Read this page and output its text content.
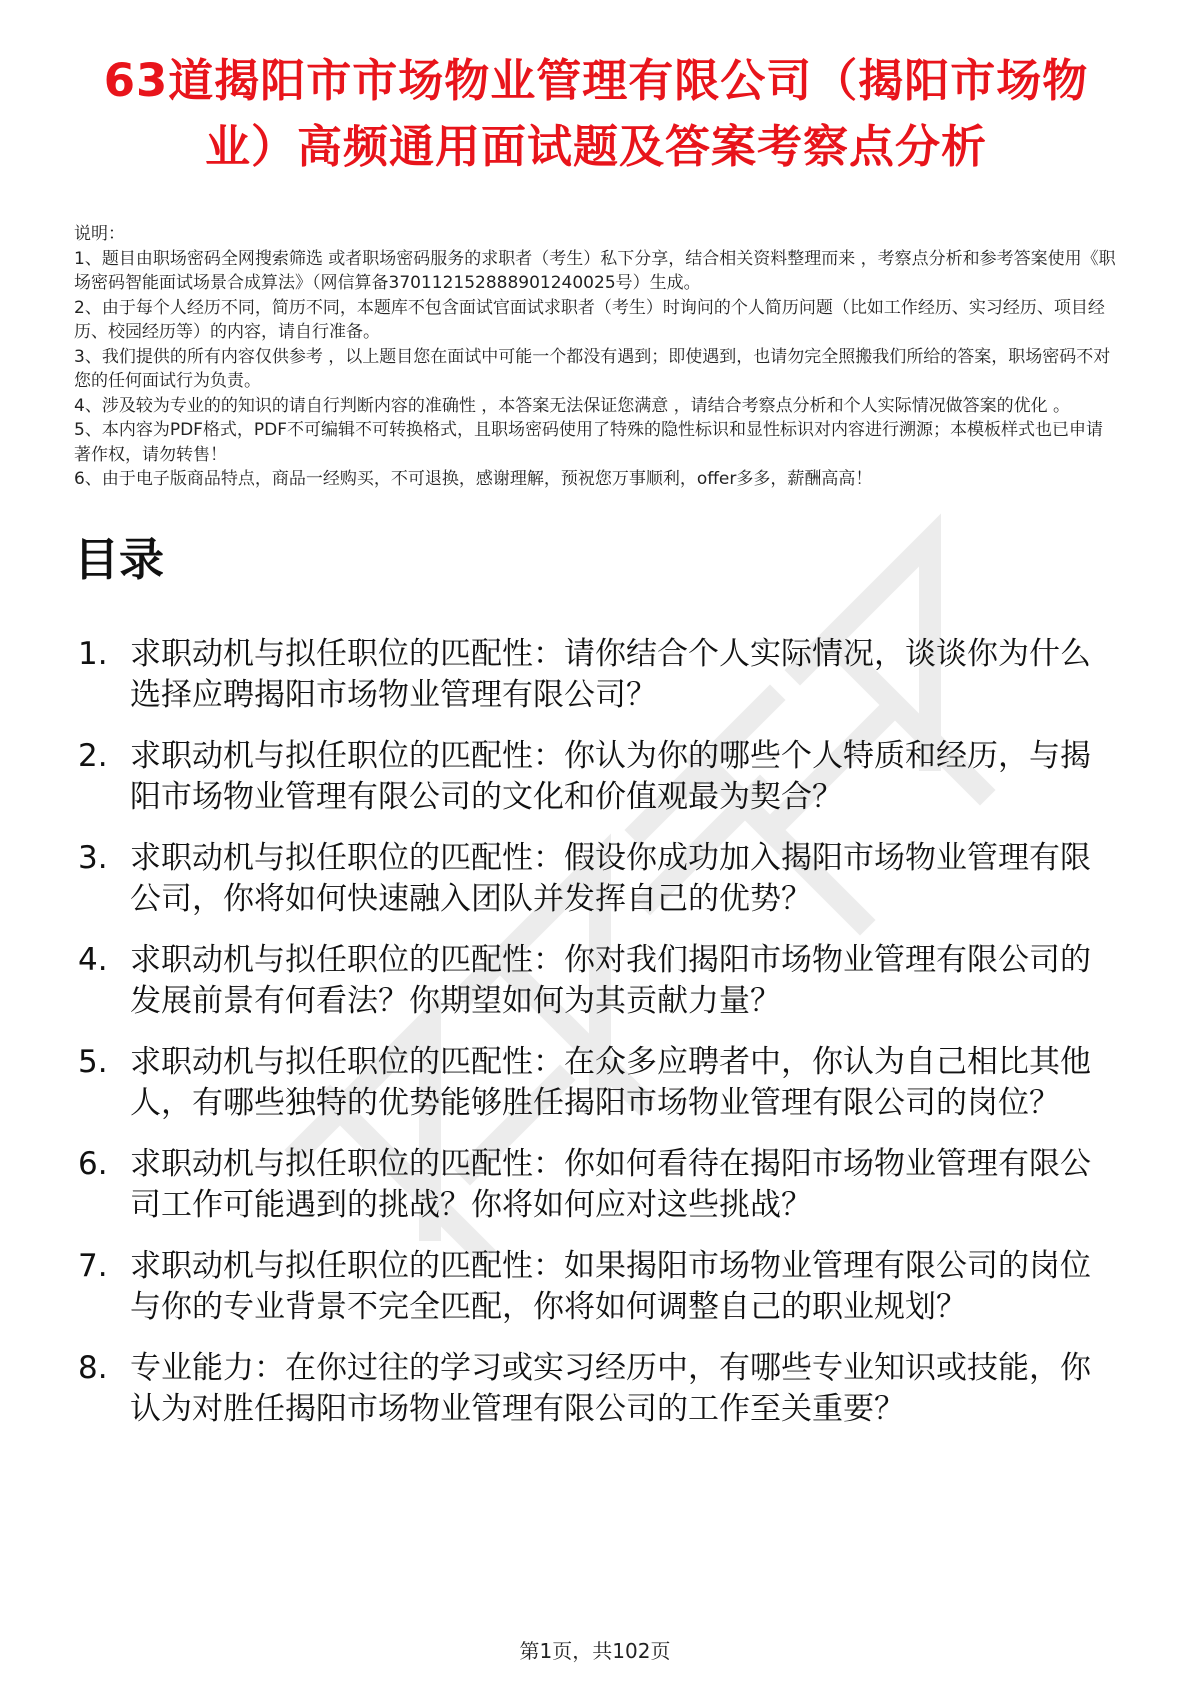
63道揭阳市市场物业管理有限公司（揭阳市场物业）高频通用面试题及答案考察点分析

说明：

1、题目由职场密码全网搜索筛选 或者职场密码服务的求职者（考生）私下分享，结合相关资料整理而来 ，考察点分析和参考答案使用《职场密码智能面试场景合成算法》（网信算备370112152888901240025号）生成。

2、由于每个人经历不同，简历不同，本题库不包含面试官面试求职者（考生）时询问的个人简历问题（比如工作经历、实习经历、项目经历、校园经历等）的内容，请自行准备。

3、我们提供的所有内容仅供参考 ，以上题目您在面试中可能一个都没有遇到；即使遇到，也请勿完全照搬我们所给的答案，职场密码不对您的任何面试行为负责。

4、涉及较为专业的的知识的请自行判断内容的准确性 ，本答案无法保证您满意 ，请结合考察点分析和个人实际情况做答案的优化 。

5、本内容为PDF格式，PDF不可编辑不可转换格式，且职场密码使用了特殊的隐性标识和显性标识对内容进行溯源；本模板样式也已申请著作权，请勿转售！

6、由于电子版商品特点，商品一经购买，不可退换，感谢理解，预祝您万事顺利，offer多多，薪酬高高！

目录
1. 求职动机与拟任职位的匹配性：请你结合个人实际情况，谈谈你为什么选择应聘揭阳市场物业管理有限公司？
2. 求职动机与拟任职位的匹配性：你认为你的哪些个人特质和经历，与揭阳市场物业管理有限公司的文化和价值观最为契合？
3. 求职动机与拟任职位的匹配性：假设你成功加入揭阳市场物业管理有限公司，你将如何快速融入团队并发挥自己的优势？
4. 求职动机与拟任职位的匹配性：你对我们揭阳市场物业管理有限公司的发展前景有何看法？你期望如何为其贡献力量？
5. 求职动机与拟任职位的匹配性：在众多应聘者中，你认为自己相比其他人，有哪些独特的优势能够胜任揭阳市场物业管理有限公司的岗位？
6. 求职动机与拟任职位的匹配性：你如何看待在揭阳市场物业管理有限公司工作可能遇到的挑战？你将如何应对这些挑战？
7. 求职动机与拟任职位的匹配性：如果揭阳市场物业管理有限公司的岗位与你的专业背景不完全匹配，你将如何调整自己的职业规划？
8. 专业能力：在你过往的学习或实习经历中，有哪些专业知识或技能，你认为对胜任揭阳市场物业管理有限公司的工作至关重要？
第1页，共102页
